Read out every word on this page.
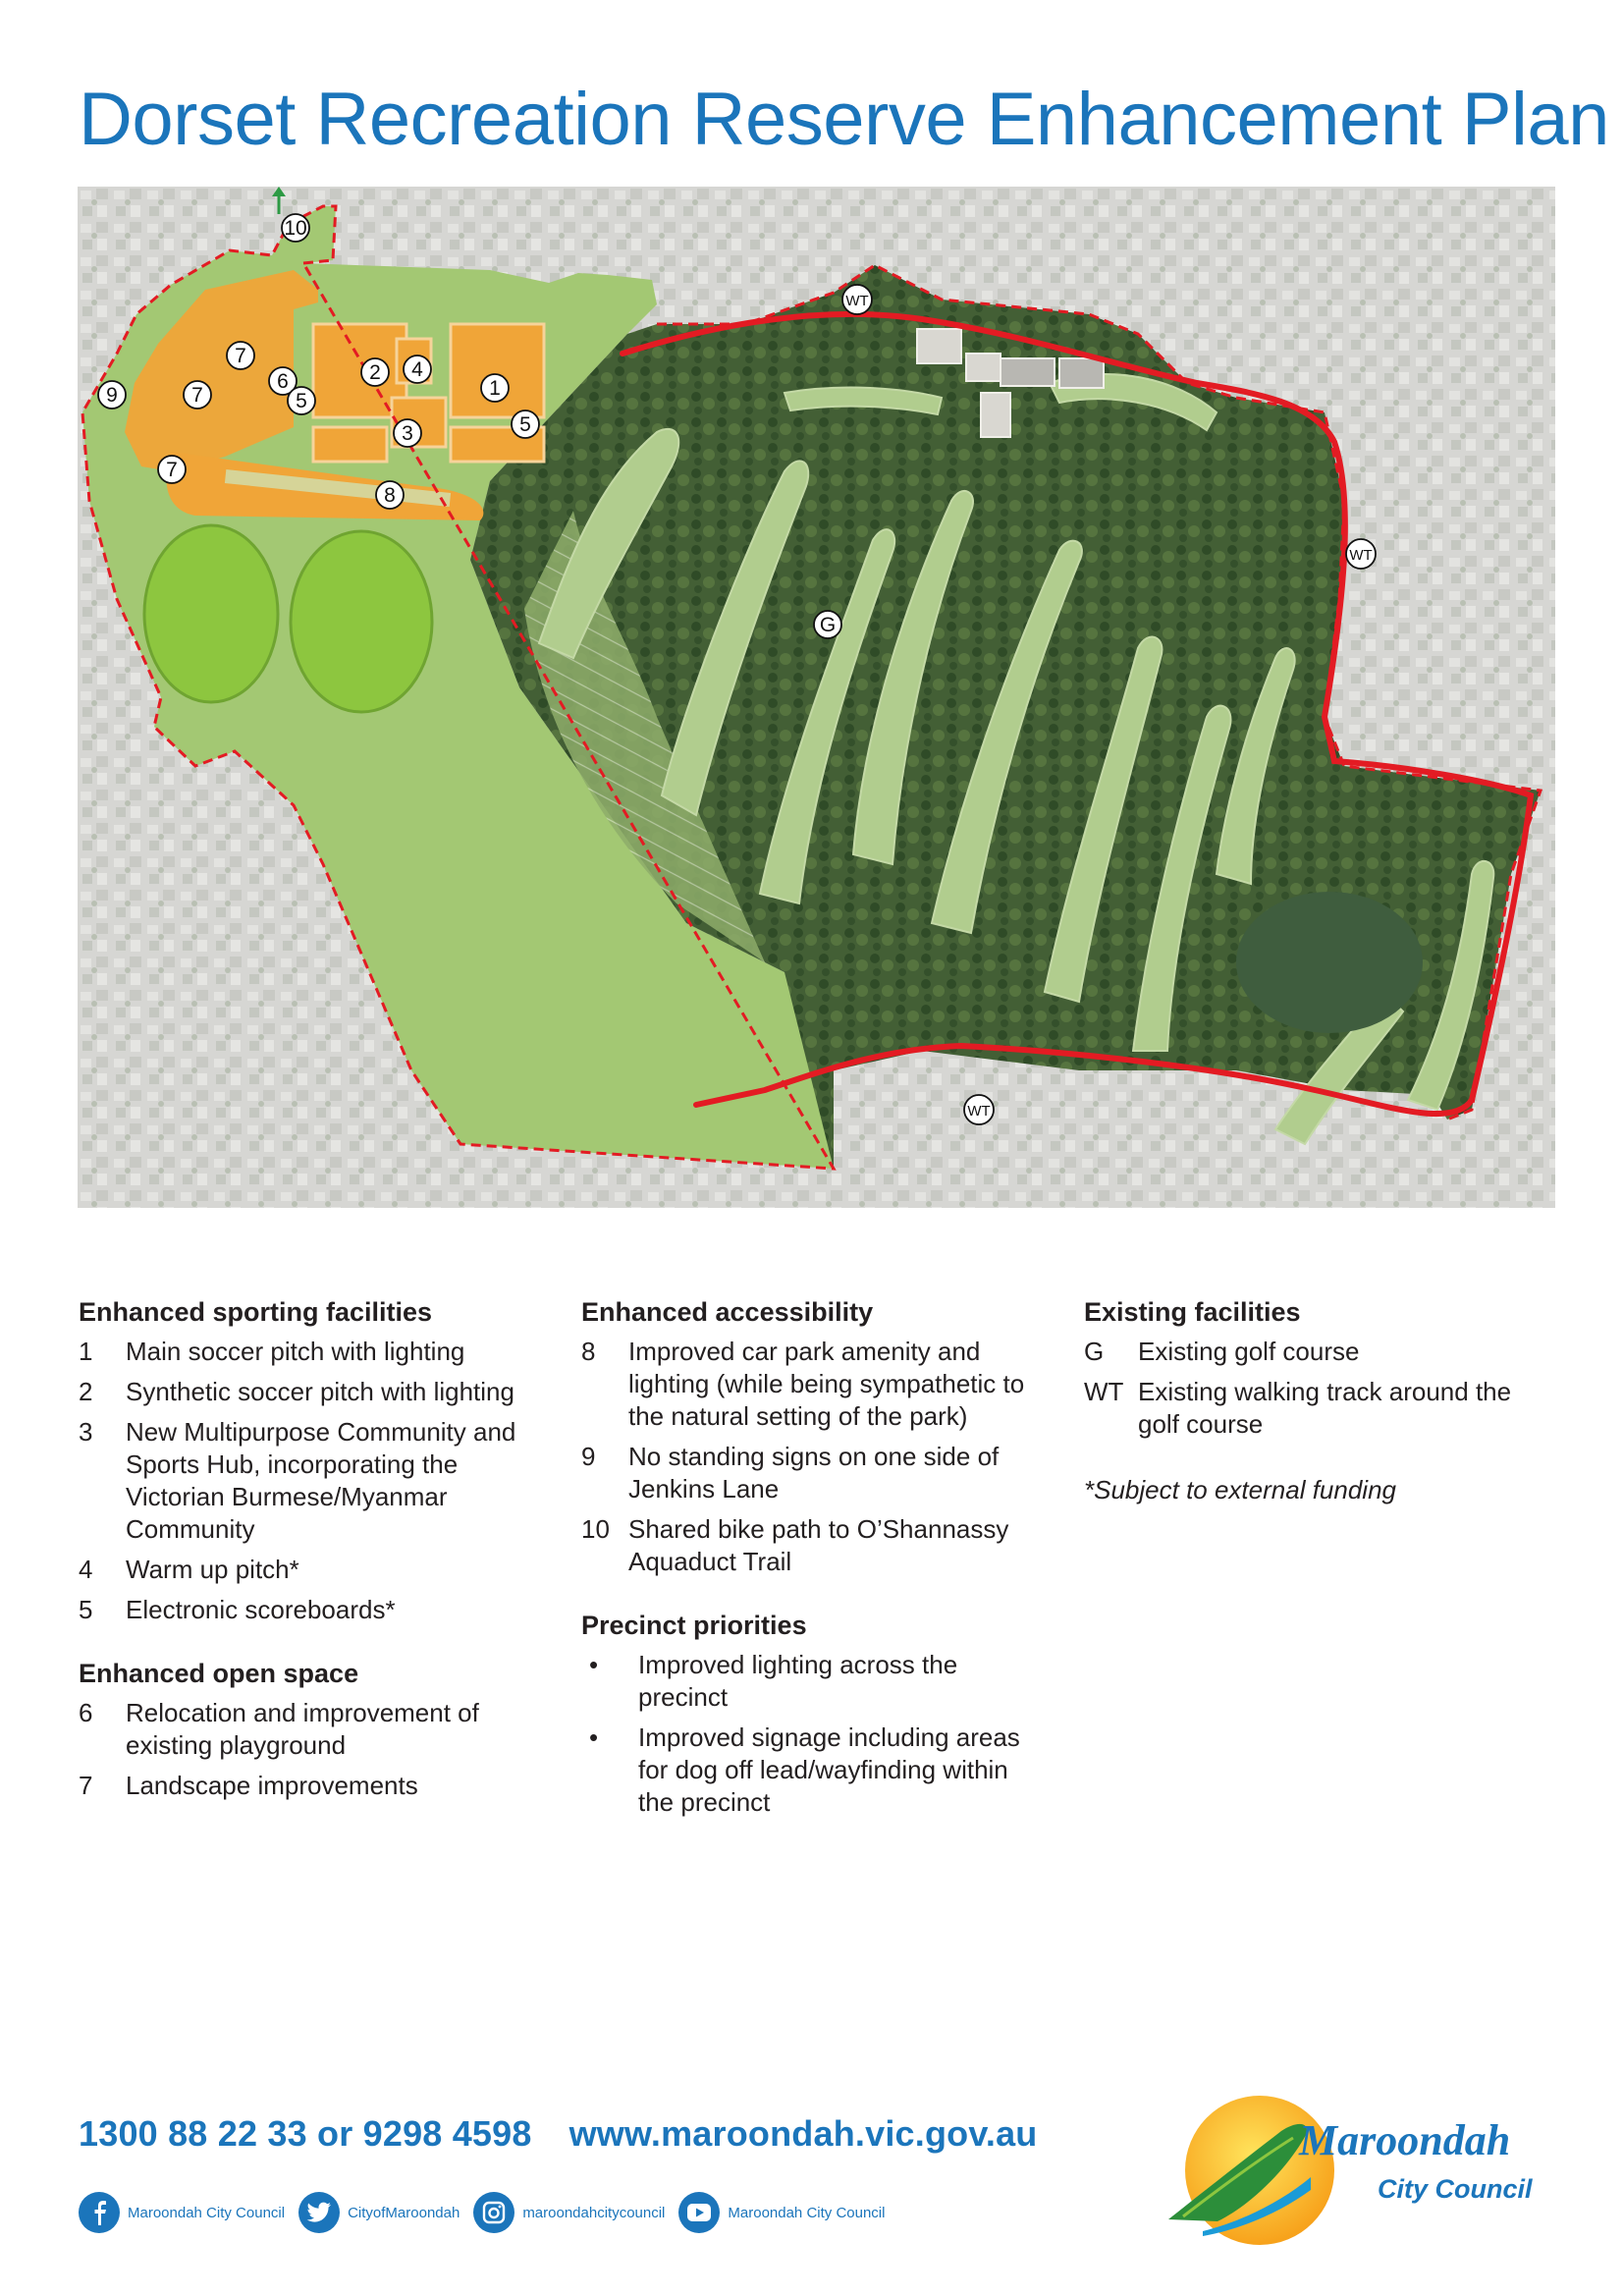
Dorset Recreation Reserve Enhancement Plan
10
7
6
5
7
9
7
2 4
1
3	5
8
G
WT
WT
WT
Enhanced sporting facilities
1	Main soccer pitch with lighting
2	Synthetic soccer pitch with lighting
3	New Multipurpose Community and Sports Hub, incorporating the Victorian Burmese/Myanmar Community
4	Warm up pitch*
5	Electronic scoreboards*
Enhanced open space
6	Relocation and improvement of existing playground
7	Landscape improvements
Enhanced accessibility
8	Improved car park amenity and lighting (while being sympathetic to the natural setting of the park)
9	No standing signs on one side of Jenkins Lane
10 Shared bike path to O’Shannassy Aquaduct Trail
Precinct priorities
•	Improved lighting across the precinct
•	Improved signage including areas for dog off lead/wayfinding within the precinct
Existing facilities
G	Existing golf course
WT Existing walking track around the golf course
*Subject to external funding
1300 88 22 33 or 9298 4598 www.maroondah.vic.gov.au
Maroondah City Council	CityofMaroondah	maroondahcitycouncil	Maroondah City Council
Maroondah
City Council
